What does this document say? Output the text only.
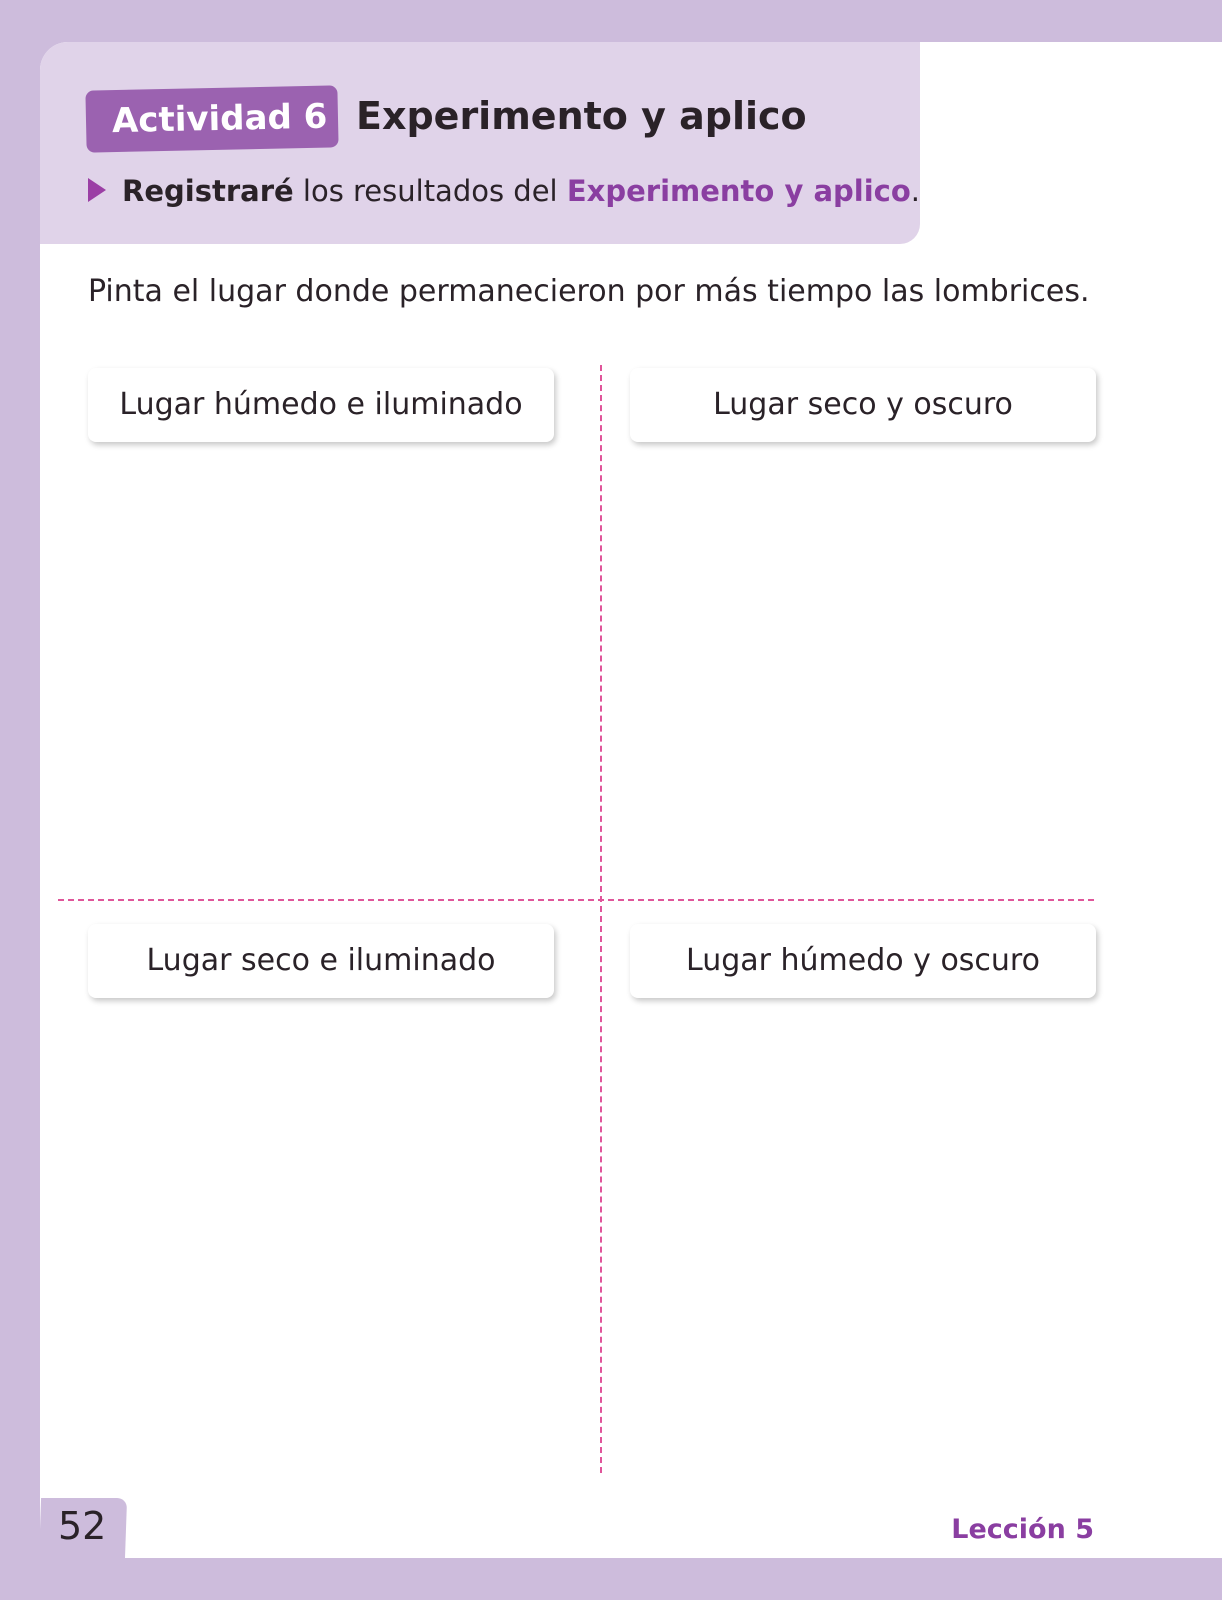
Actividad 6 Experimento y aplico
Registraré los resultados del Experimento y aplico.
Pinta el lugar donde permanecieron por más tiempo las lombrices.
Lugar húmedo e iluminado	Lugar seco y oscuro
Lugar seco e iluminado	Lugar húmedo y oscuro
52	Lección 5
